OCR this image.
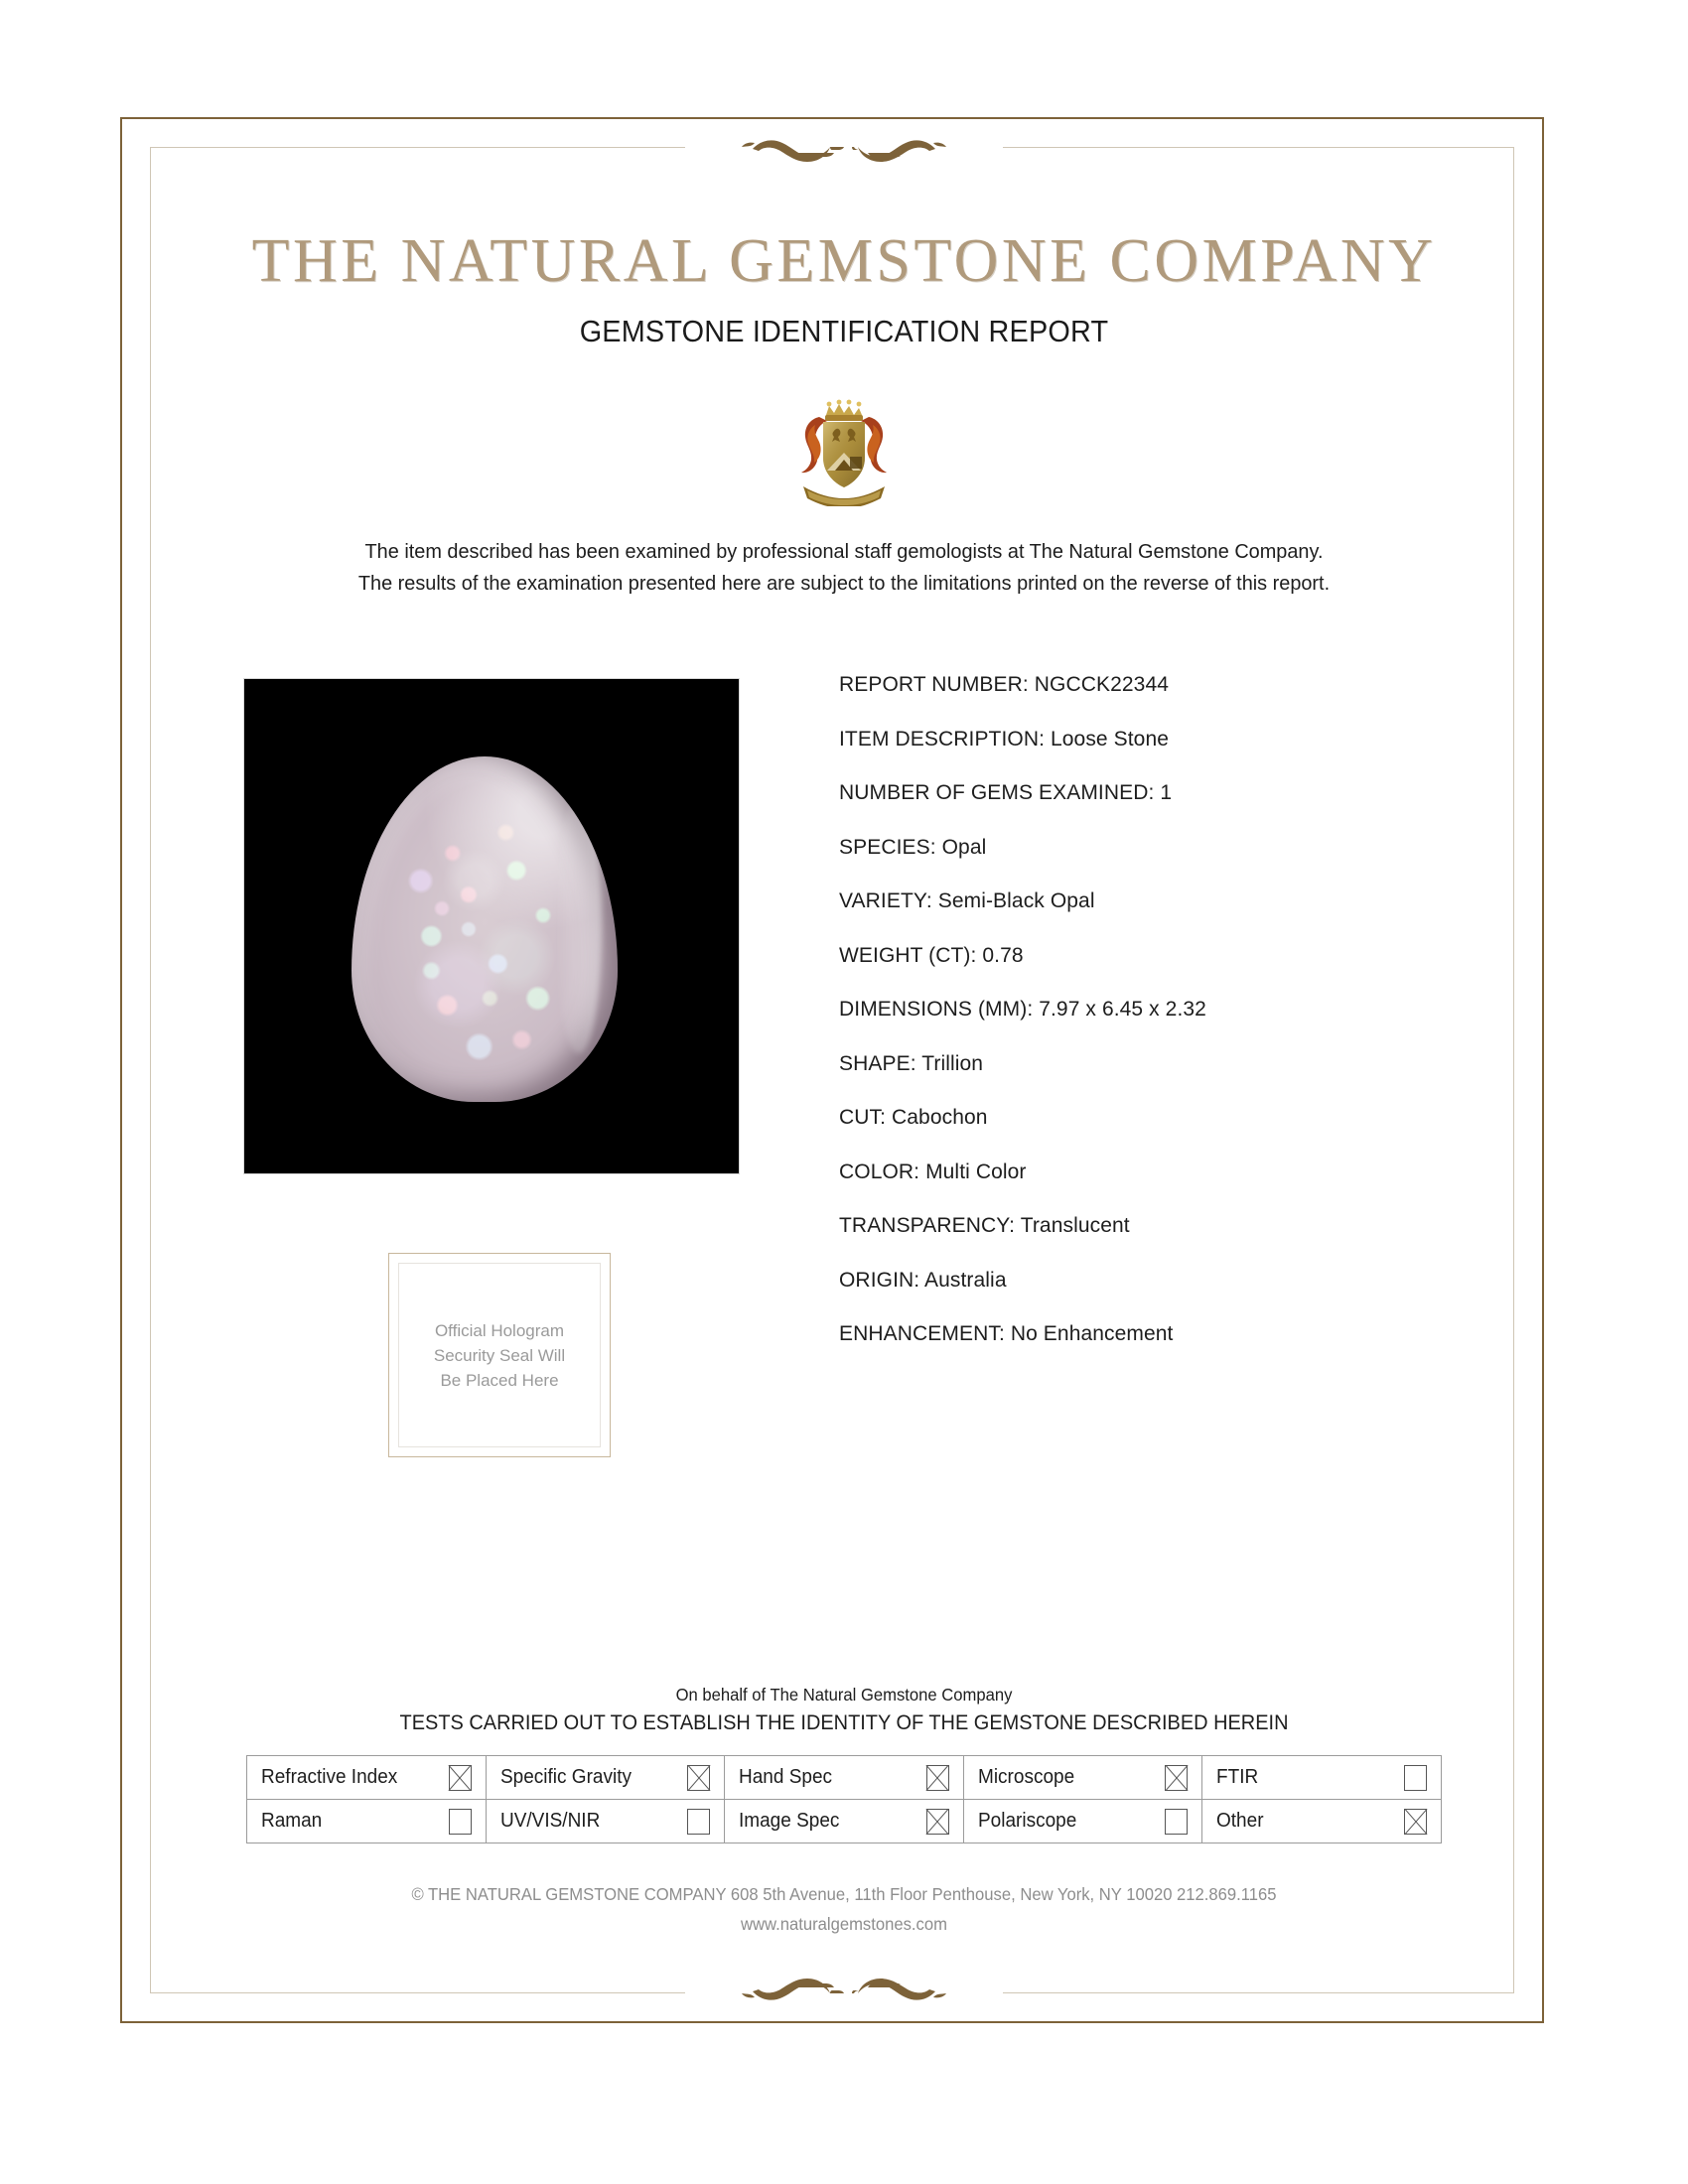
THE NATURAL GEMSTONE COMPANY
GEMSTONE IDENTIFICATION REPORT
The item described has been examined by professional staff gemologists at The Natural Gemstone Company.
The results of the examination presented here are subject to the limitations printed on the reverse of this report.
REPORT NUMBER: NGCCK22344
ITEM DESCRIPTION: Loose Stone
NUMBER OF GEMS EXAMINED: 1
SPECIES: Opal
VARIETY: Semi-Black Opal
WEIGHT (CT): 0.78
DIMENSIONS (MM): 7.97 x 6.45 x 2.32
SHAPE: Trillion
CUT: Cabochon
COLOR: Multi Color
TRANSPARENCY: Translucent
ORIGIN: Australia
ENHANCEMENT: No Enhancement
Official Hologram
Security Seal Will
Be Placed Here
On behalf of The Natural Gemstone Company
TESTS CARRIED OUT TO ESTABLISH THE IDENTITY OF THE GEMSTONE DESCRIBED HEREIN
Refractive Index	Specific Gravity	Hand Spec	Microscope	FTIR

Raman	UV/VIS/NIR	Image Spec	Polariscope	Other
© THE NATURAL GEMSTONE COMPANY 608 5th Avenue, 11th Floor Penthouse, New York, NY 10020 212.869.1165
www.naturalgemstones.com
